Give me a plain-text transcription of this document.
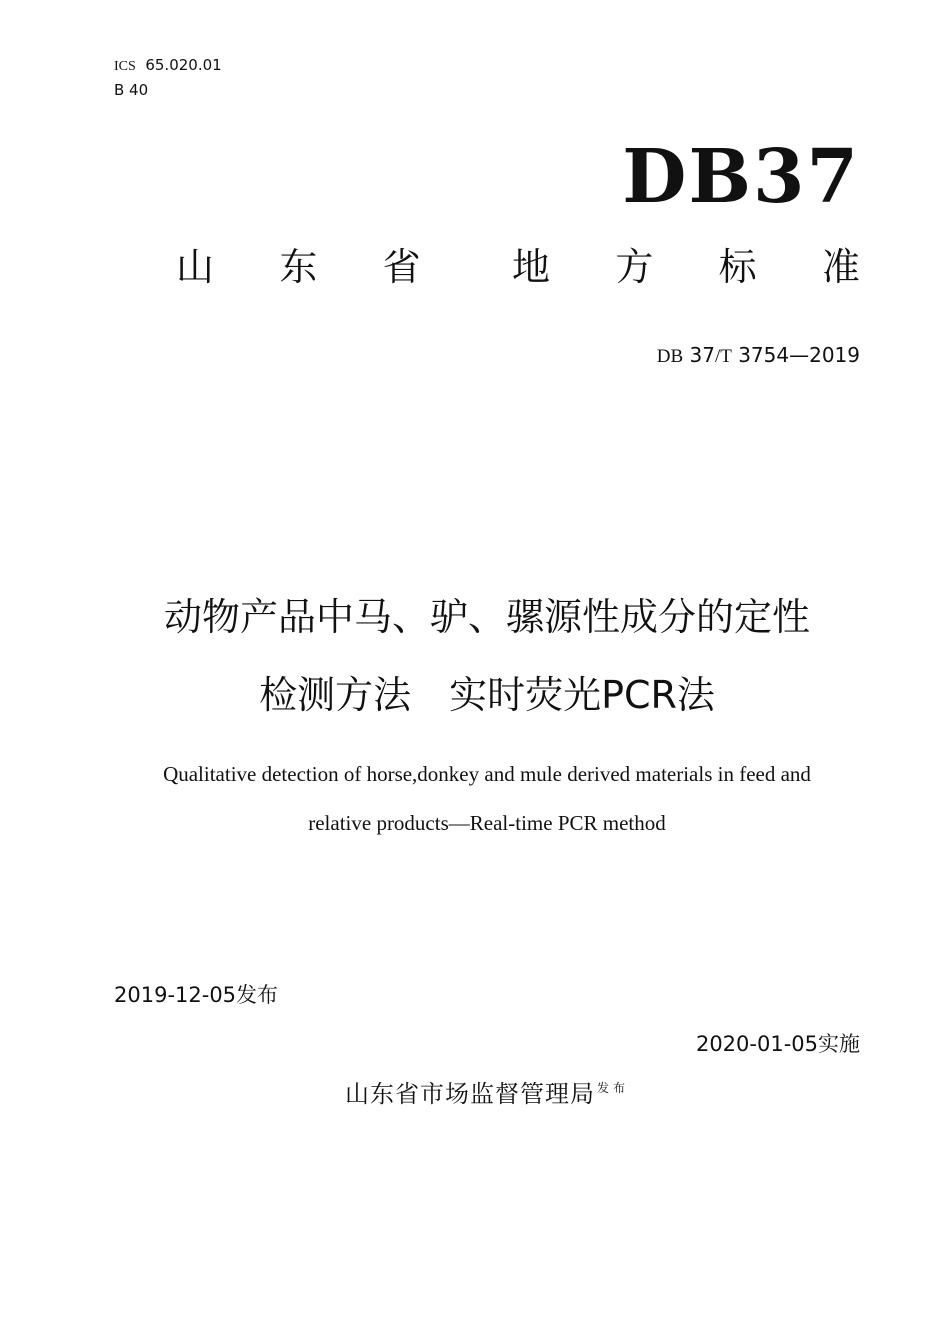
ICS 65.020.01
B 40
DB37
山 东 省 地 方 标 准
DB 37/T 3754—2019
动物产品中马、驴、骡源性成分的定性
检测方法　实时荧光PCR法
Qualitative detection of horse,donkey and mule derived materials in feed and
relative products—Real-time PCR method
2019-12-05发布
2020-01-05实施
山东省市场监督管理局 $^{发布}$
